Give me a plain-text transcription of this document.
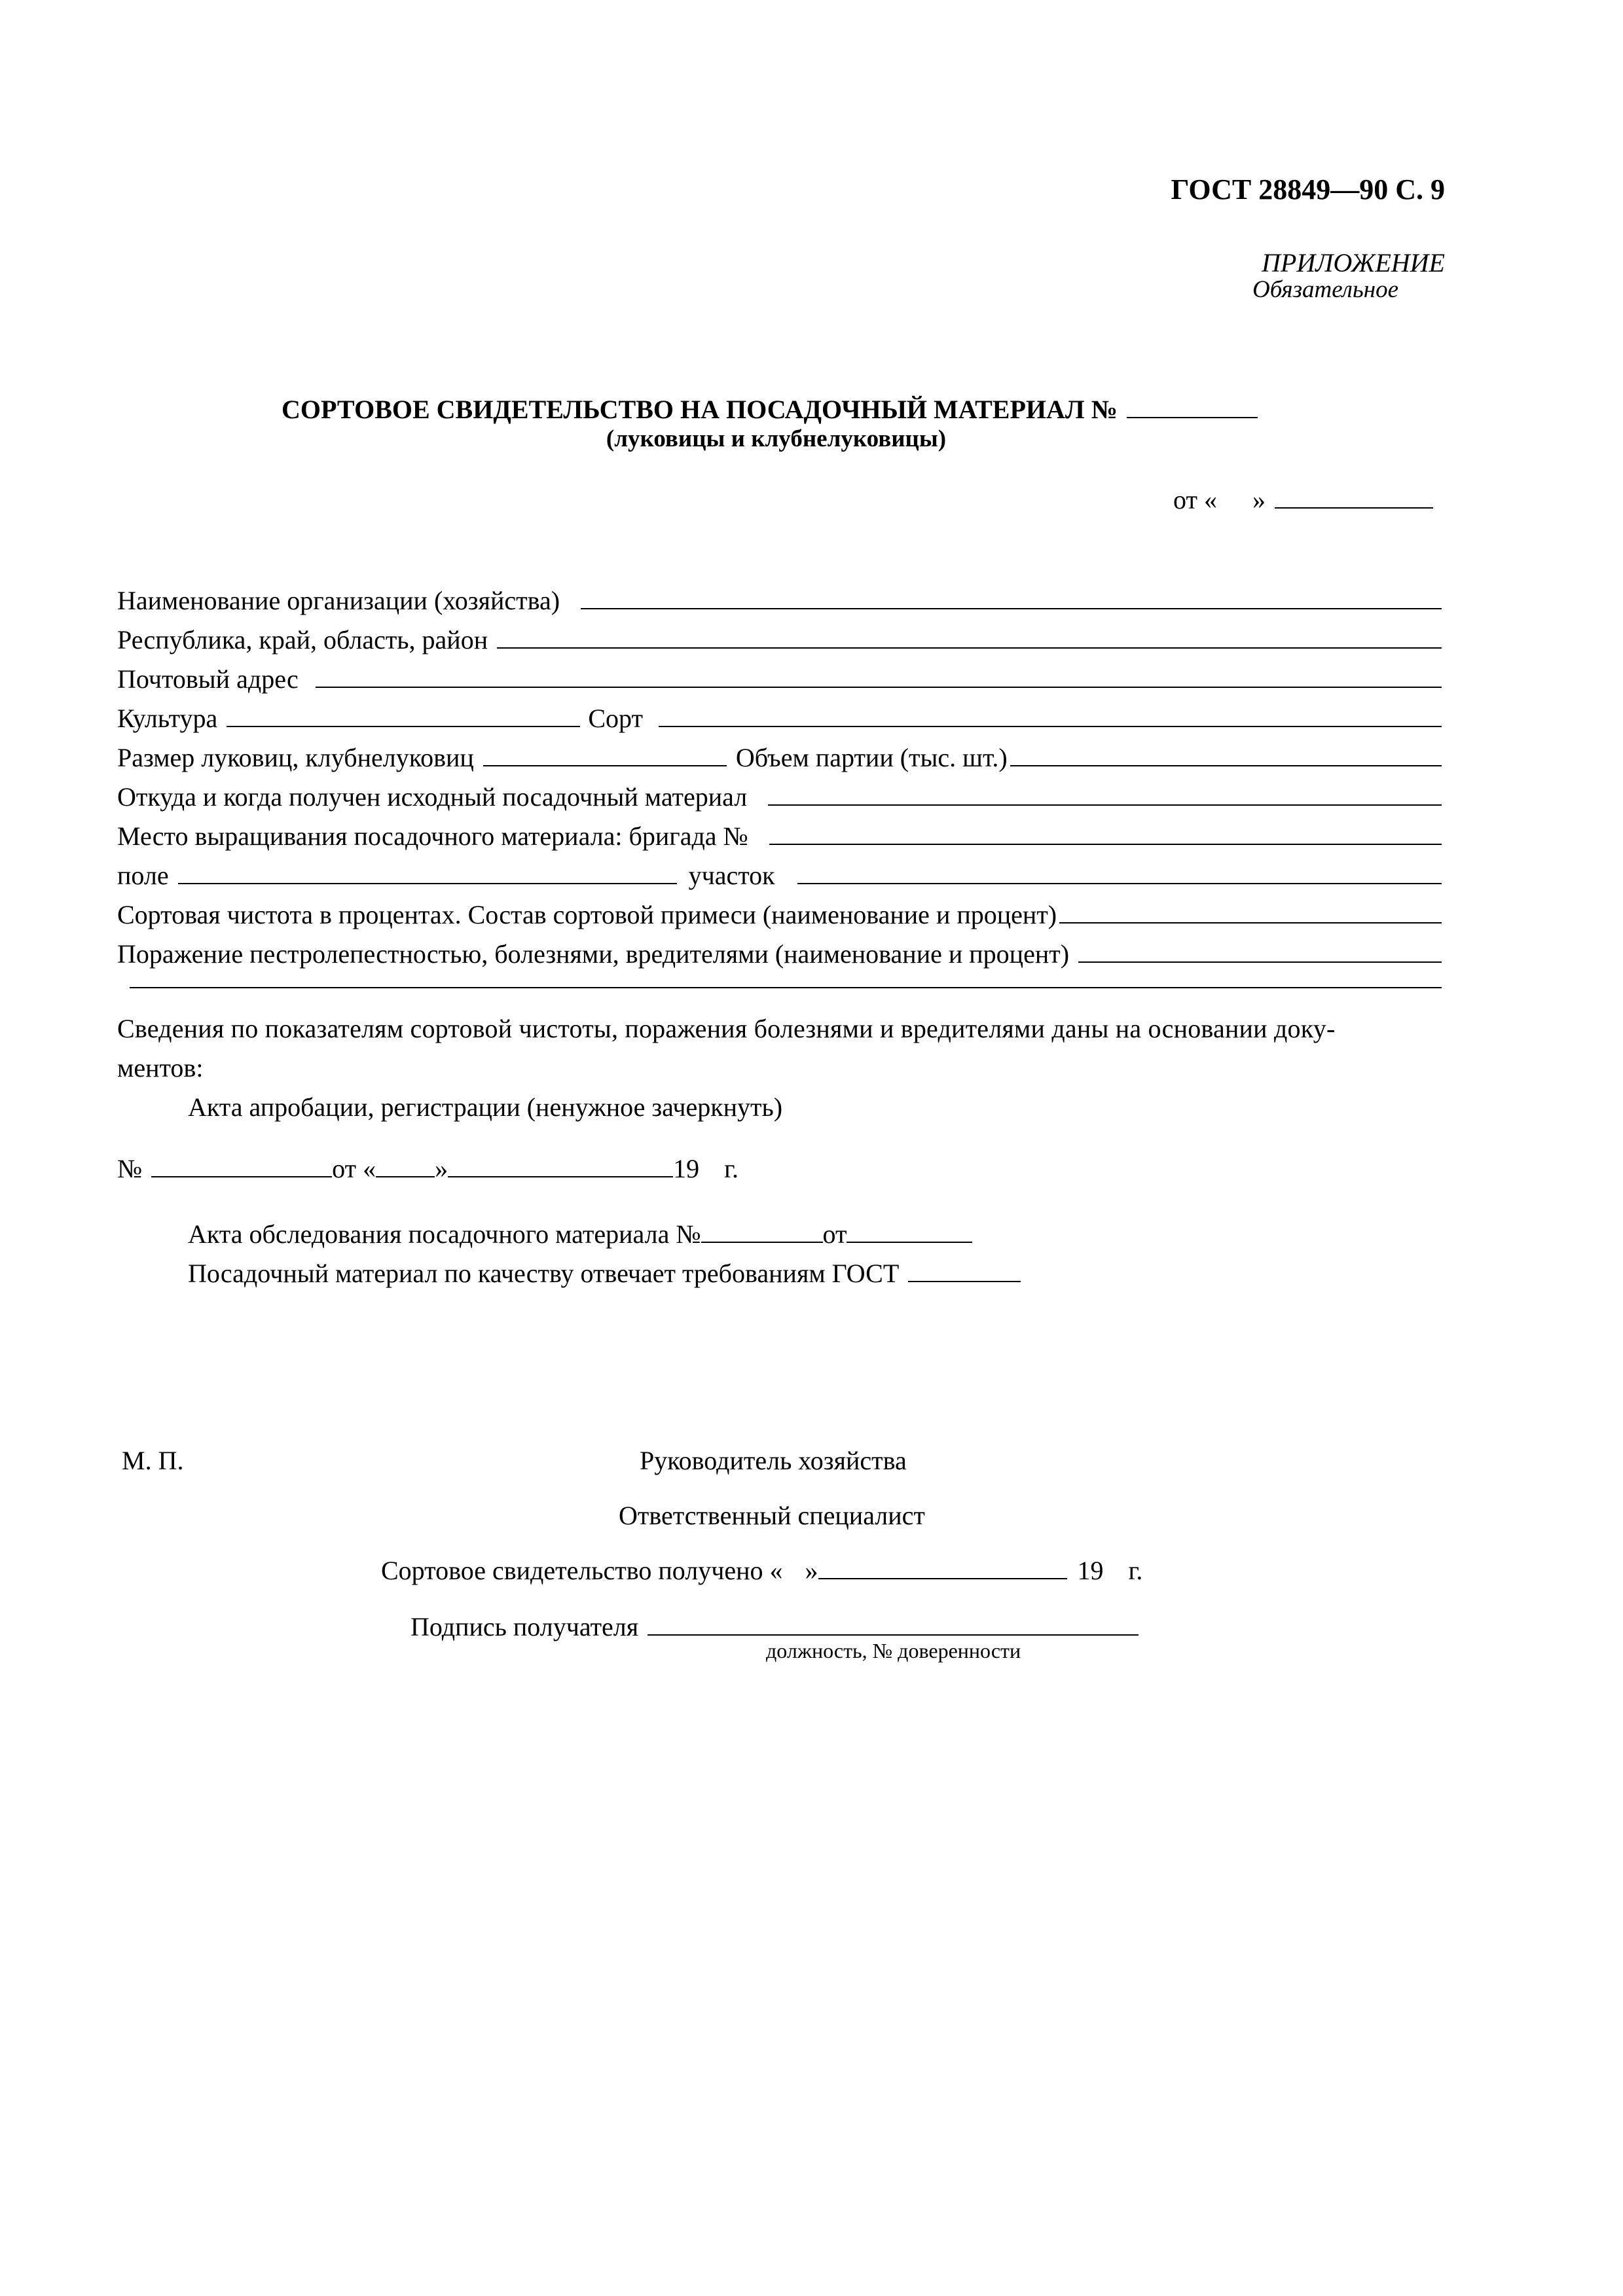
ГОСТ 28849—90 С. 9
ПРИЛОЖЕНИЕ
Обязательное
СОРТОВОЕ СВИДЕТЕЛЬСТВО НА ПОСАДОЧНЫЙ МАТЕРИАЛ №
(луковицы и клубнелуковицы)
от « »
Наименование организации (хозяйства)
Республика, край, область, район
Почтовый адрес
Культура	Сорт
Размер луковиц, клубнелуковиц	Объем партии (тыс. шт.)
Откуда и когда получен исходный посадочный материал
Место выращивания посадочного материала: бригада №
поле	участок
Сортовая чистота в процентах. Состав сортовой примеси (наименование и процент)
Поражение пестролепестностью, болезнями, вредителями (наименование и процент)
Сведения по показателям сортовой чистоты, поражения болезнями и вредителями даны на основании доку-
ментов:
Акта апробации, регистрации (ненужное зачеркнуть)
№	от « »	19 г.
Акта обследования посадочного материала №	от
Посадочный материал по качеству отвечает требованиям ГОСТ
М. П.	Руководитель хозяйства
Ответственный специалист
Сортовое свидетельство получено « »	19 г.
Подпись получателя
должность, № доверенности
